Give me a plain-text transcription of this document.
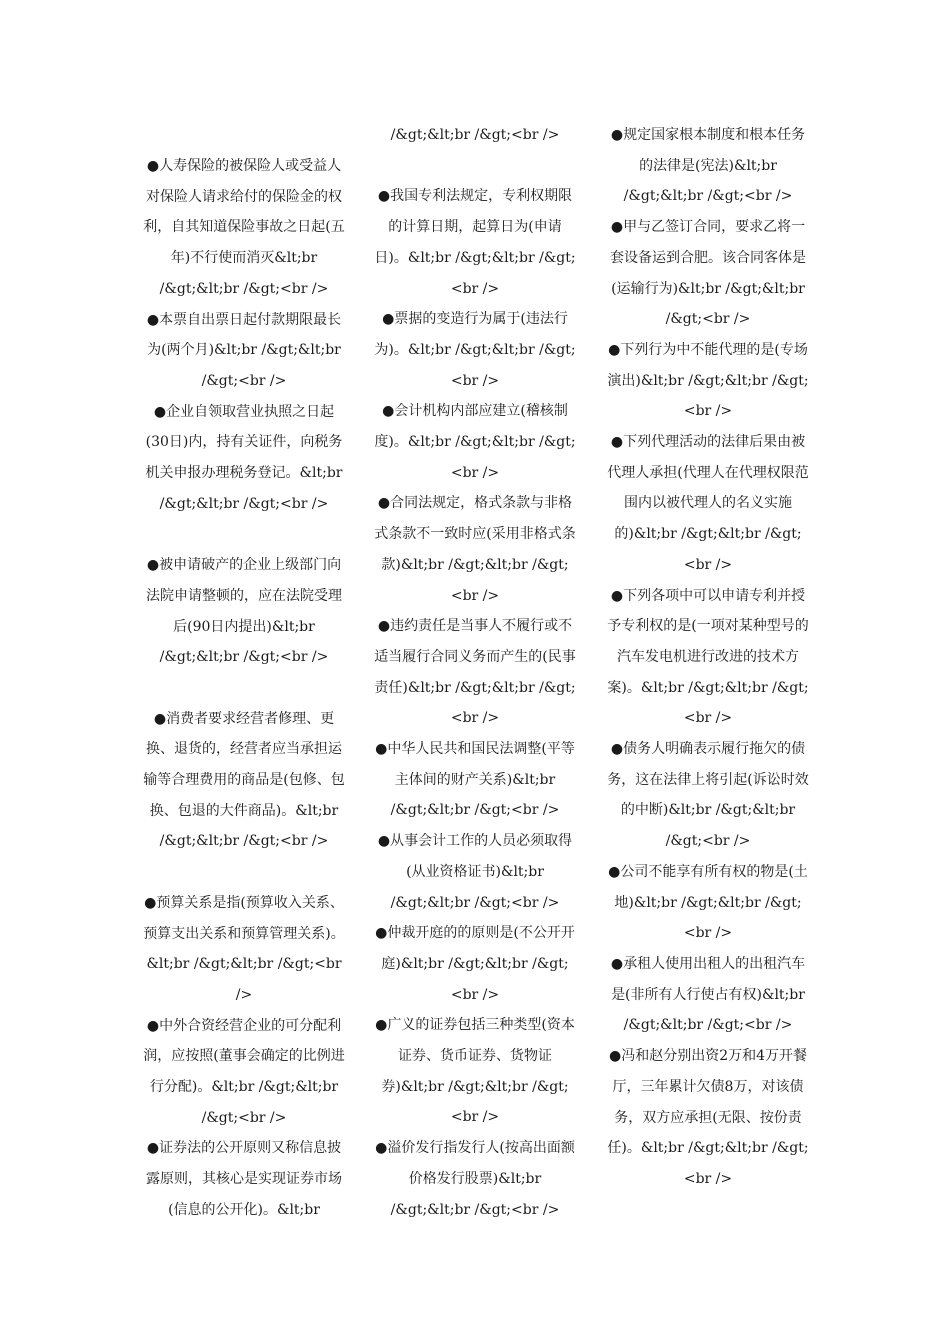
●人寿保险的被保险人或受益人对保险人请求给付的保险金的权利，自其知道保险事故之日起(五年)不行使而消灭&lt;br /&gt;&lt;br /&gt;<br />

●本票自出票日起付款期限最长为(两个月)&lt;br /&gt;&lt;br /&gt;<br />

●企业自领取营业执照之日起(30日)内，持有关证件，向税务机关申报办理税务登记。&lt;br /&gt;&lt;br /&gt;<br />

●被申请破产的企业上级部门向法院申请整顿的，应在法院受理后(90日内提出)&lt;br /&gt;&lt;br /&gt;<br />

●消费者要求经营者修理、更换、退货的，经营者应当承担运输等合理费用的商品是(包修、包换、包退的大件商品)。&lt;br /&gt;&lt;br /&gt;<br />

●预算关系是指(预算收入关系、预算支出关系和预算管理关系)。 &lt;br /&gt;&lt;br /&gt;<br />

●中外合资经营企业的可分配利润，应按照(董事会确定的比例进行分配)。&lt;br /&gt;&lt;br /&gt;<br />

●证券法的公开原则又称信息披露原则，其核心是实现证券市场(信息的公开化)。&lt;br

/&gt;&lt;br /&gt;<br />

●我国专利法规定，专利权期限的计算日期，起算日为(申请日)。&lt;br /&gt;&lt;br /&gt;<br />

●票据的变造行为属于(违法行为)。&lt;br /&gt;&lt;br /&gt;<br />

●会计机构内部应建立(稽核制度)。&lt;br /&gt;&lt;br /&gt;<br />

●合同法规定，格式条款与非格式条款不一致时应(采用非格式条款)&lt;br /&gt;&lt;br /&gt;<br />

●违约责任是当事人不履行或不适当履行合同义务而产生的(民事责任)&lt;br /&gt;&lt;br /&gt;<br />

●中华人民共和国民法调整(平等主体间的财产关系)&lt;br /&gt;&lt;br /&gt;<br />

●从事会计工作的人员必须取得(从业资格证书)&lt;br /&gt;&lt;br /&gt;<br />

●仲裁开庭的的原则是(不公开开庭)&lt;br /&gt;&lt;br /&gt;<br />

●广义的证券包括三种类型(资本证券、货币证券、货物证券)&lt;br /&gt;&lt;br /&gt;<br />

●溢价发行指发行人(按高出面额价格发行股票)&lt;br /&gt;&lt;br /&gt;<br />

●规定国家根本制度和根本任务的法律是(宪法)&lt;br /&gt;&lt;br /&gt;<br />

●甲与乙签订合同，要求乙将一套设备运到合肥。该合同客体是(运输行为)&lt;br /&gt;&lt;br /&gt;<br />

●下列行为中不能代理的是(专场演出)&lt;br /&gt;&lt;br /&gt;<br />

●下列代理活动的法律后果由被代理人承担(代理人在代理权限范围内以被代理人的名义实施的)&lt;br /&gt;&lt;br /&gt;<br />

●下列各项中可以申请专利并授予专利权的是(一项对某种型号的汽车发电机进行改进的技术方案)。&lt;br /&gt;&lt;br /&gt;<br />

●债务人明确表示履行拖欠的债务，这在法律上将引起(诉讼时效的中断)&lt;br /&gt;&lt;br /&gt;<br />

●公司不能享有所有权的物是(土地)&lt;br /&gt;&lt;br /&gt;<br />

●承租人使用出租人的出租汽车是(非所有人行使占有权)&lt;br /&gt;&lt;br /&gt;<br />

●冯和赵分别出资2万和4万开餐厅，三年累计欠债8万，对该债务，双方应承担(无限、按份责任)。&lt;br /&gt;&lt;br /&gt;<br />
